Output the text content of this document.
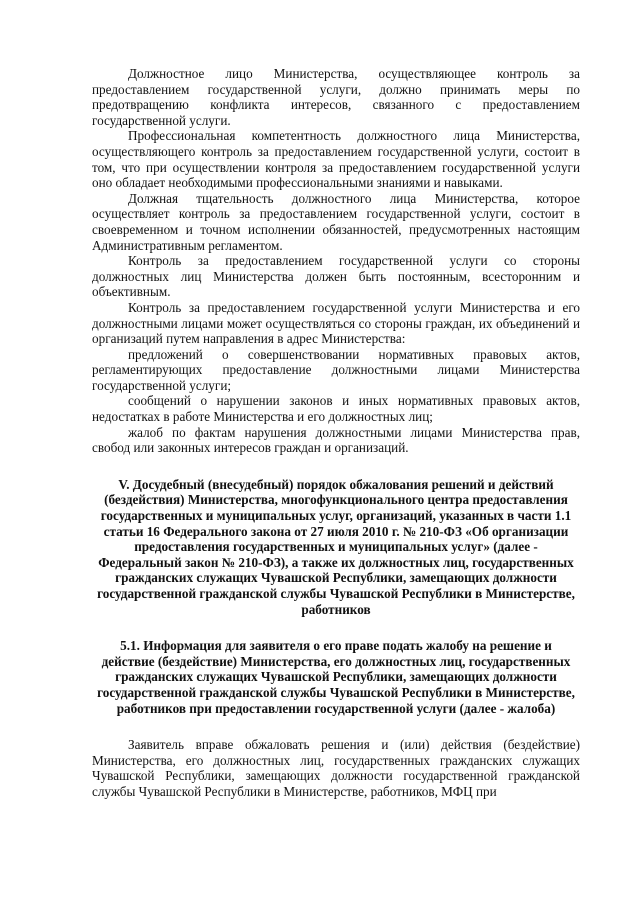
Должностное лицо Министерства, осуществляющее контроль за предоставлением государственной услуги, должно принимать меры по предотвращению конфликта интересов, связанного с предоставлением государственной услуги.

Профессиональная компетентность должностного лица Министерства, осуществляющего контроль за предоставлением государственной услуги, состоит в том, что при осуществлении контроля за предоставлением государственной услуги оно обладает необходимыми профессиональными знаниями и навыками.

Должная тщательность должностного лица Министерства, которое осуществляет контроль за предоставлением государственной услуги, состоит в своевременном и точном исполнении обязанностей, предусмотренных настоящим Административным регламентом.

Контроль за предоставлением государственной услуги со стороны должностных лиц Министерства должен быть постоянным, всесторонним и объективным.

Контроль за предоставлением государственной услуги Министерства и его должностными лицами может осуществляться со стороны граждан, их объединений и организаций путем направления в адрес Министерства:

предложений о совершенствовании нормативных правовых актов, регламентирующих предоставление должностными лицами Министерства государственной услуги;

сообщений о нарушении законов и иных нормативных правовых актов, недостатках в работе Министерства и его должностных лиц;

жалоб по фактам нарушения должностными лицами Министерства прав, свобод или законных интересов граждан и организаций.

V. Досудебный (внесудебный) порядок обжалования решений и действий (бездействия) Министерства, многофункционального центра предоставления государственных и муниципальных услуг, организаций, указанных в части 1.1 статьи 16 Федерального закона от 27 июля 2010 г. № 210-ФЗ «Об организации предоставления государственных и муниципальных услуг» (далее - Федеральный закон № 210-ФЗ), а также их должностных лиц, государственных гражданских служащих Чувашской Республики, замещающих должности государственной гражданской службы Чувашской Республики в Министерстве, работников

5.1. Информация для заявителя о его праве подать жалобу на решение и действие (бездействие) Министерства, его должностных лиц, государственных гражданских служащих Чувашской Республики, замещающих должности государственной гражданской службы Чувашской Республики в Министерстве, работников при предоставлении государственной услуги (далее - жалоба)

Заявитель вправе обжаловать решения и (или) действия (бездействие) Министерства, его должностных лиц, государственных гражданских служащих Чувашской Республики, замещающих должности государственной гражданской службы Чувашской Республики в Министерстве, работников, МФЦ при
